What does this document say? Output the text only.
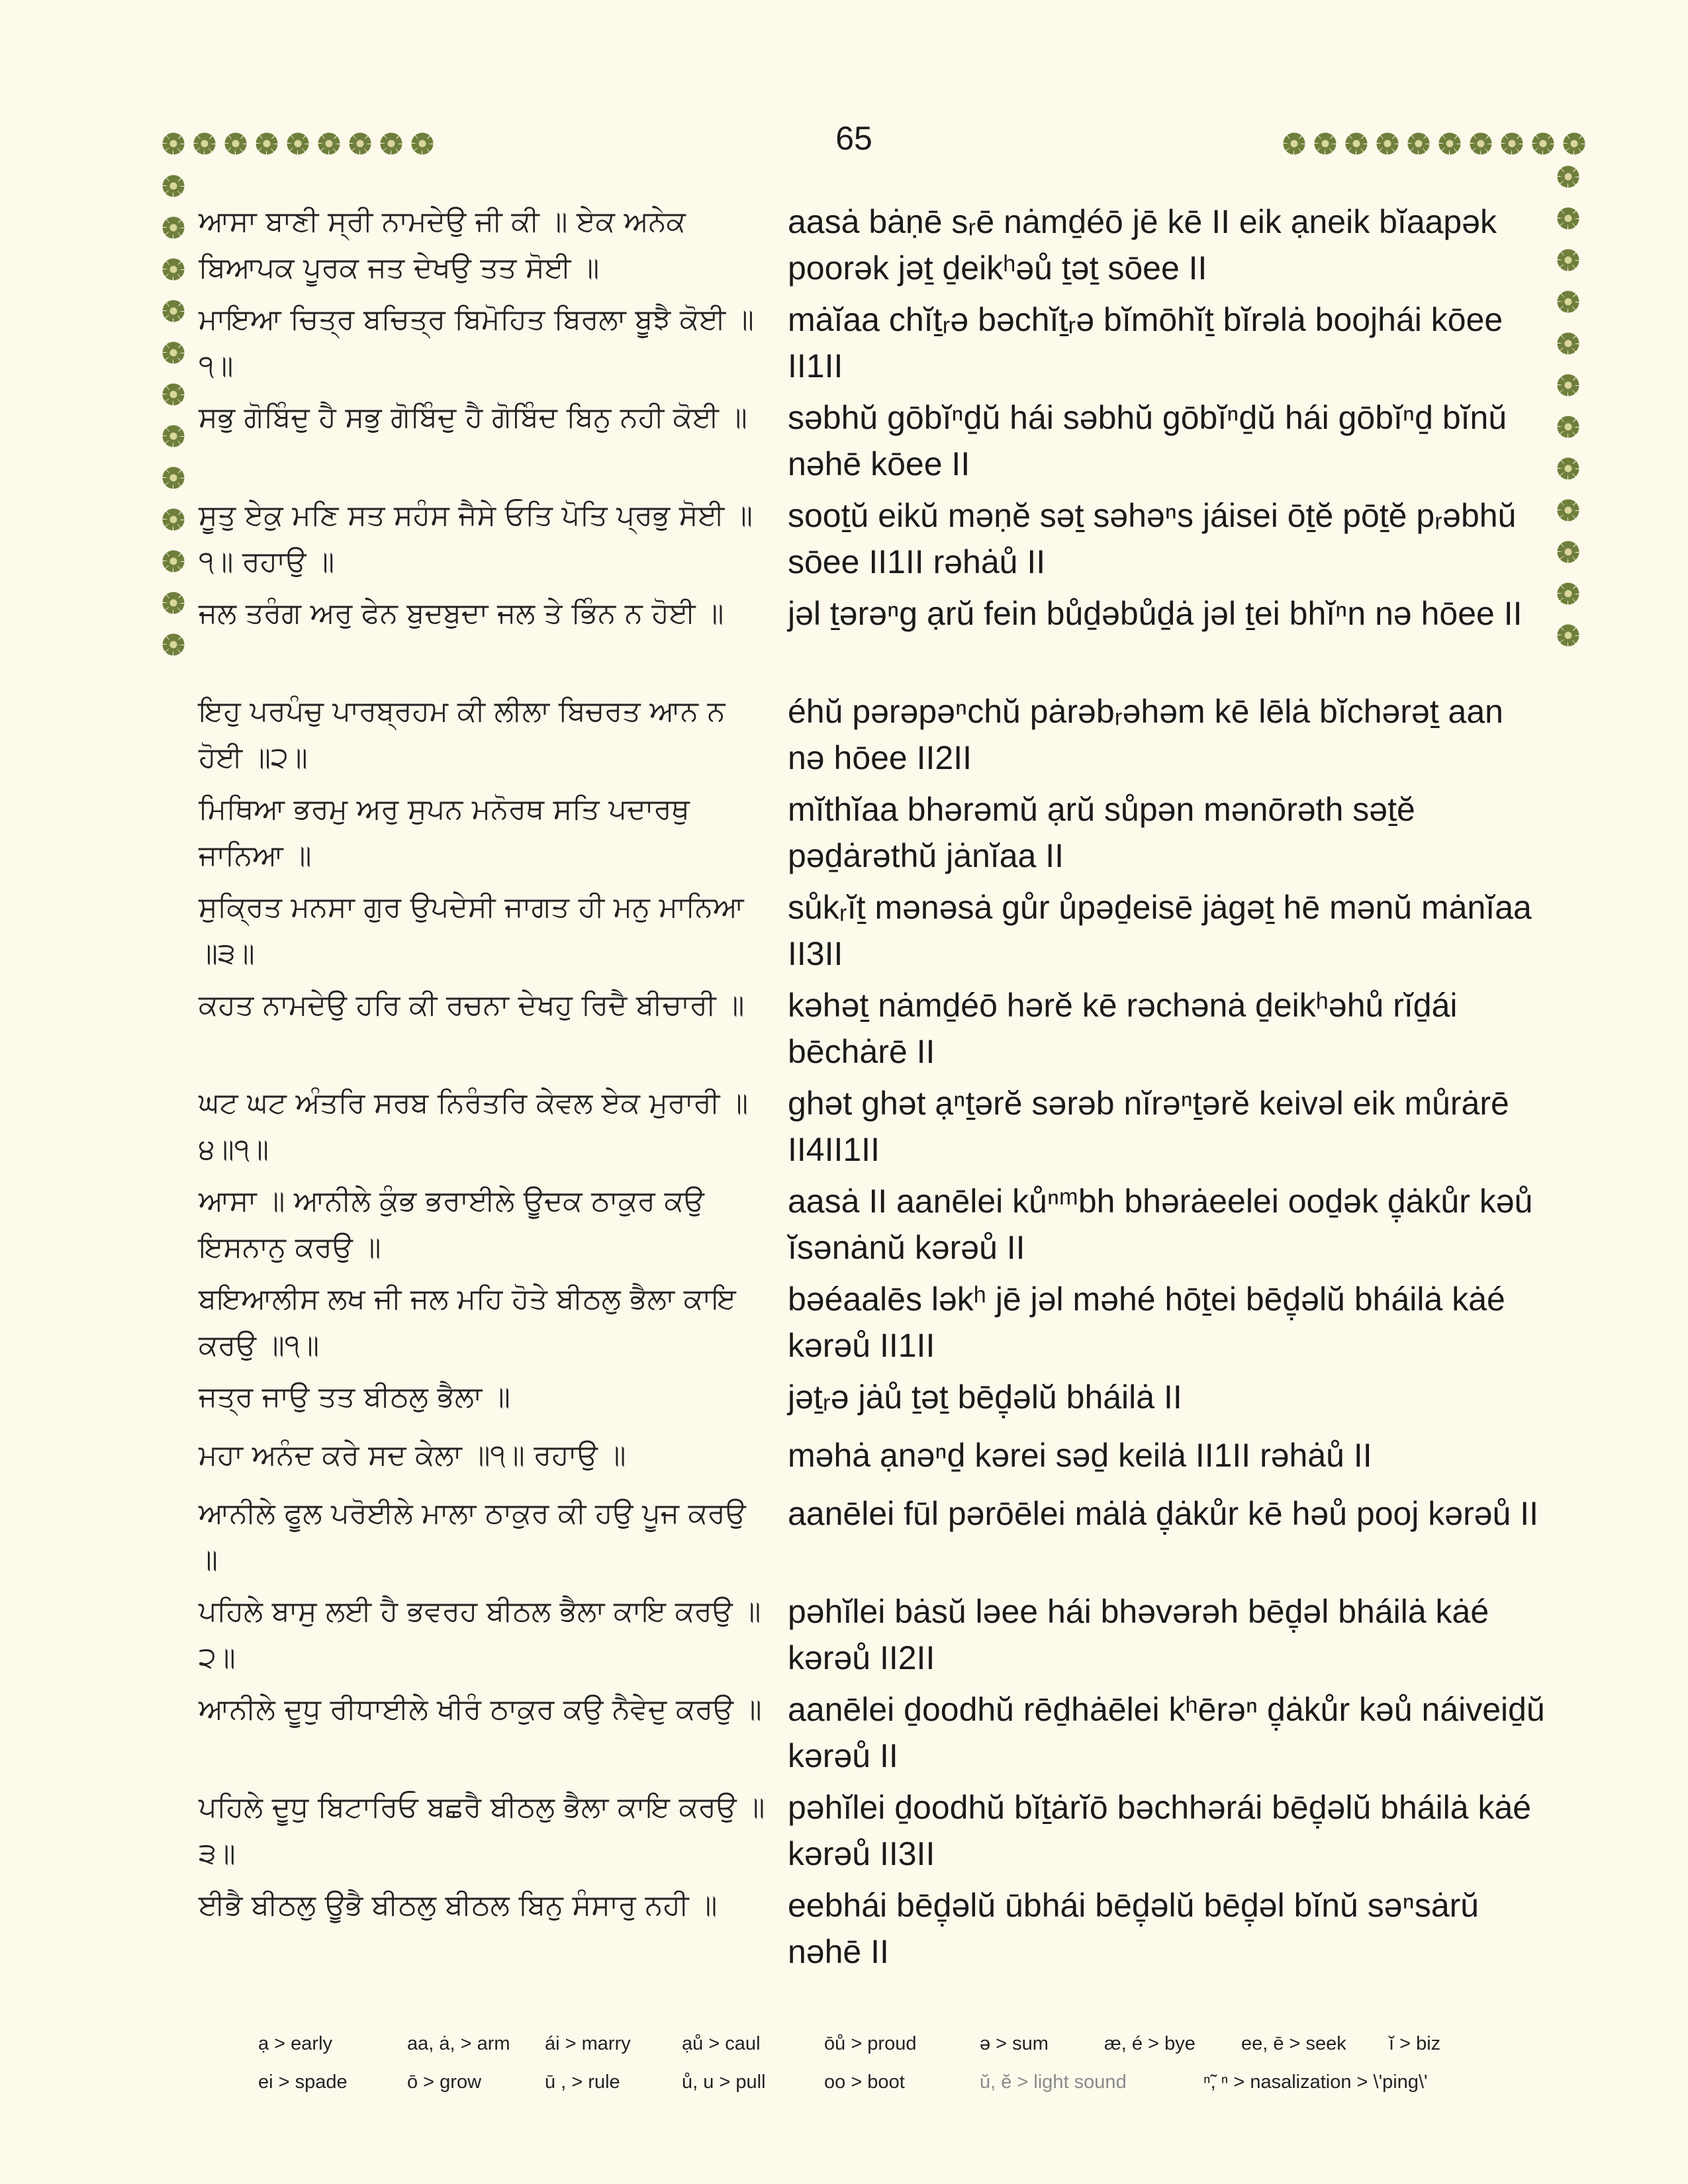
65
ਆਸਾ ਬਾਣੀ ਸ੍ਰੀ ਨਾਮਦੇਉ ਜੀ ਕੀ ॥ ਏਕ ਅਨੇਕ ਬਿਆਪਕ ਪੂਰਕ ਜਤ ਦੇਖਉ ਤਤ ਸੋਈ ॥
aasȧ bȧṇē sᵣē nȧmḏéō jē kē II eik ạneik bĭaapək poorək jəṯ ḏeikʰəů ṯəṯ sōee II
ਮਾਇਆ ਚਿਤ੍ਰ ਬਚਿਤ੍ਰ ਬਿਮੋਹਿਤ ਬਿਰਲਾ ਬੂਝੈ ਕੋਈ ॥੧॥
mȧĭaa chĭṯᵣə bəchĭṯᵣə bĭmōhĭṯ bĭrəlȧ boojhái kōee II1II
ਸਭੁ ਗੋਬਿੰਦੁ ਹੈ ਸਭੁ ਗੋਬਿੰਦੁ ਹੈ ਗੋਬਿੰਦ ਬਿਨੁ ਨਹੀ ਕੋਈ ॥	səbhŭ gōbĭⁿḏŭ hái səbhŭ gōbĭⁿḏŭ hái gōbĭⁿḏ bĭnŭ nəhē kōee II
ਸੂਤੁ ਏਕੁ ਮਣਿ ਸਤ ਸਹੰਸ ਜੈਸੇ ਓਤਿ ਪੋਤਿ ਪ੍ਰਭੁ ਸੋਈ ॥੧॥ ਰਹਾਉ ॥
sooṯŭ eikŭ məṇĕ səṯ səhəⁿs jáisei ōṯĕ pōṯĕ pᵣəbhŭ sōee II1II rəhȧů II
ਜਲ ਤਰੰਗ ਅਰੁ ਫੇਨ ਬੁਦਬੁਦਾ ਜਲ ਤੇ ਭਿੰਨ ਨ ਹੋਈ ॥	jəl ṯərəⁿg ạrŭ fein bůḏəbůḏȧ jəl ṯei bhĭⁿn nə hōee II
ਇਹੁ ਪਰਪੰਚੁ ਪਾਰਬ੍ਰਹਮ ਕੀ ਲੀਲਾ ਬਿਚਰਤ ਆਨ ਨ ਹੋਈ ॥੨॥
éhŭ pərəpəⁿchŭ pȧrəbᵣəhəm kē lēlȧ bĭchərəṯ aan nə hōee II2II
ਮਿਥਿਆ ਭਰਮੁ ਅਰੁ ਸੁਪਨ ਮਨੋਰਥ ਸਤਿ ਪਦਾਰਥੁ ਜਾਨਿਆ ॥
mĭthĭaa bhərəmŭ ạrŭ sůpən mənōrəth səṯĕ pəḏȧrəthŭ jȧnĭaa II
ਸੁਕ੍ਰਿਤ ਮਨਸਾ ਗੁਰ ਉਪਦੇਸੀ ਜਾਗਤ ਹੀ ਮਨੁ ਮਾਨਿਆ ॥੩॥
sůkᵣĭṯ mənəsȧ gůr ůpəḏeisē jȧgəṯ hē mənŭ mȧnĭaa II3II
ਕਹਤ ਨਾਮਦੇਉ ਹਰਿ ਕੀ ਰਚਨਾ ਦੇਖਹੁ ਰਿਦੈ ਬੀਚਾਰੀ ॥	kəhəṯ nȧmḏéō hərĕ kē rəchənȧ ḏeikʰəhů rĭḏái bēchȧrē II
ਘਟ ਘਟ ਅੰਤਰਿ ਸਰਬ ਨਿਰੰਤਰਿ ਕੇਵਲ ਏਕ ਮੁਰਾਰੀ ॥੪॥੧॥
ghət ghət ạⁿṯərĕ sərəb nĭrəⁿṯərĕ keivəl eik můrȧrē II4II1II
ਆਸਾ ॥ ਆਨੀਲੇ ਕੁੰਭ ਭਰਾਈਲੇ ਊਦਕ ਠਾਕੁਰ ਕਉ ਇਸਨਾਨੁ ਕਰਉ ॥
aasȧ II aanēlei kůⁿᵐbh bhərȧeelei ooḏək ḏ̣ȧkůr kəů ĭsənȧnŭ kərəů II
ਬਇਆਲੀਸ ਲਖ ਜੀ ਜਲ ਮਹਿ ਹੋਤੇ ਬੀਠਲੁ ਭੈਲਾ ਕਾਇ ਕਰਉ ॥੧॥
bəéaalēs ləkʰ jē jəl məhé hōṯei bēḏ̣əlŭ bháilȧ kȧé kərəů II1II
ਜਤ੍ਰ ਜਾਉ ਤਤ ਬੀਠਲੁ ਭੈਲਾ ॥	jəṯᵣə jȧů ṯəṯ bēḏ̣əlŭ bháilȧ II
ਮਹਾ ਅਨੰਦ ਕਰੇ ਸਦ ਕੇਲਾ ॥੧॥ ਰਹਾਉ ॥	məhȧ ạnəⁿḏ kərei səḏ keilȧ II1II rəhȧů II
ਆਨੀਲੇ ਫੂਲ ਪਰੋਈਲੇ ਮਾਲਾ ਠਾਕੁਰ ਕੀ ਹਉ ਪੂਜ ਕਰਉ ॥
aanēlei fūl pərōēlei mȧlȧ ḏ̣ȧkůr kē həů pooj kərəů II
ਪਹਿਲੇ ਬਾਸੁ ਲਈ ਹੈ ਭਵਰਹ ਬੀਠਲ ਭੈਲਾ ਕਾਇ ਕਰਉ ॥੨॥
pəhĭlei bȧsŭ ləee hái bhəvərəh bēḏ̣əl bháilȧ kȧé kərəů II2II
ਆਨੀਲੇ ਦੂਧੁ ਰੀਧਾਈਲੇ ਖੀਰੰ ਠਾਕੁਰ ਕਉ ਨੈਵੇਦੁ ਕਰਉ ॥ aanēlei ḏoodhŭ rēḏhȧēlei kʰērəⁿ ḏ̣ȧkůr kəů náiveiḏŭ kərəů II
ਪਹਿਲੇ ਦੂਧੁ ਬਿਟਾਰਿਓ ਬਛਰੈ ਬੀਠਲੁ ਭੈਲਾ ਕਾਇ ਕਰਉ ॥੩॥
pəhĭlei ḏoodhŭ bĭṯȧrĭō bəchhərái bēḏ̣əlŭ bháilȧ kȧé kərəů II3II
ਈਭੈ ਬੀਠਲੁ ਊਭੈ ਬੀਠਲੁ ਬੀਠਲ ਬਿਨੁ ਸੰਸਾਰੁ ਨਹੀ ॥	eebhái bēḏ̣əlŭ ūbhái bēḏ̣əlŭ bēḏ̣əl bĭnŭ səⁿsȧrŭ nəhē II
ạ > early	aa, ȧ, > arm ái > marry	ạů > caul	ōů > proud	ə > sum	æ, é > bye ee, ē > seek ĭ > biz
ei > spade	ō > grow	ū , > rule	ů, u > pull	oo > boot	ŭ, ĕ > light sound	ⁿ̃, ⁿ > nasalization > \'ping\'
